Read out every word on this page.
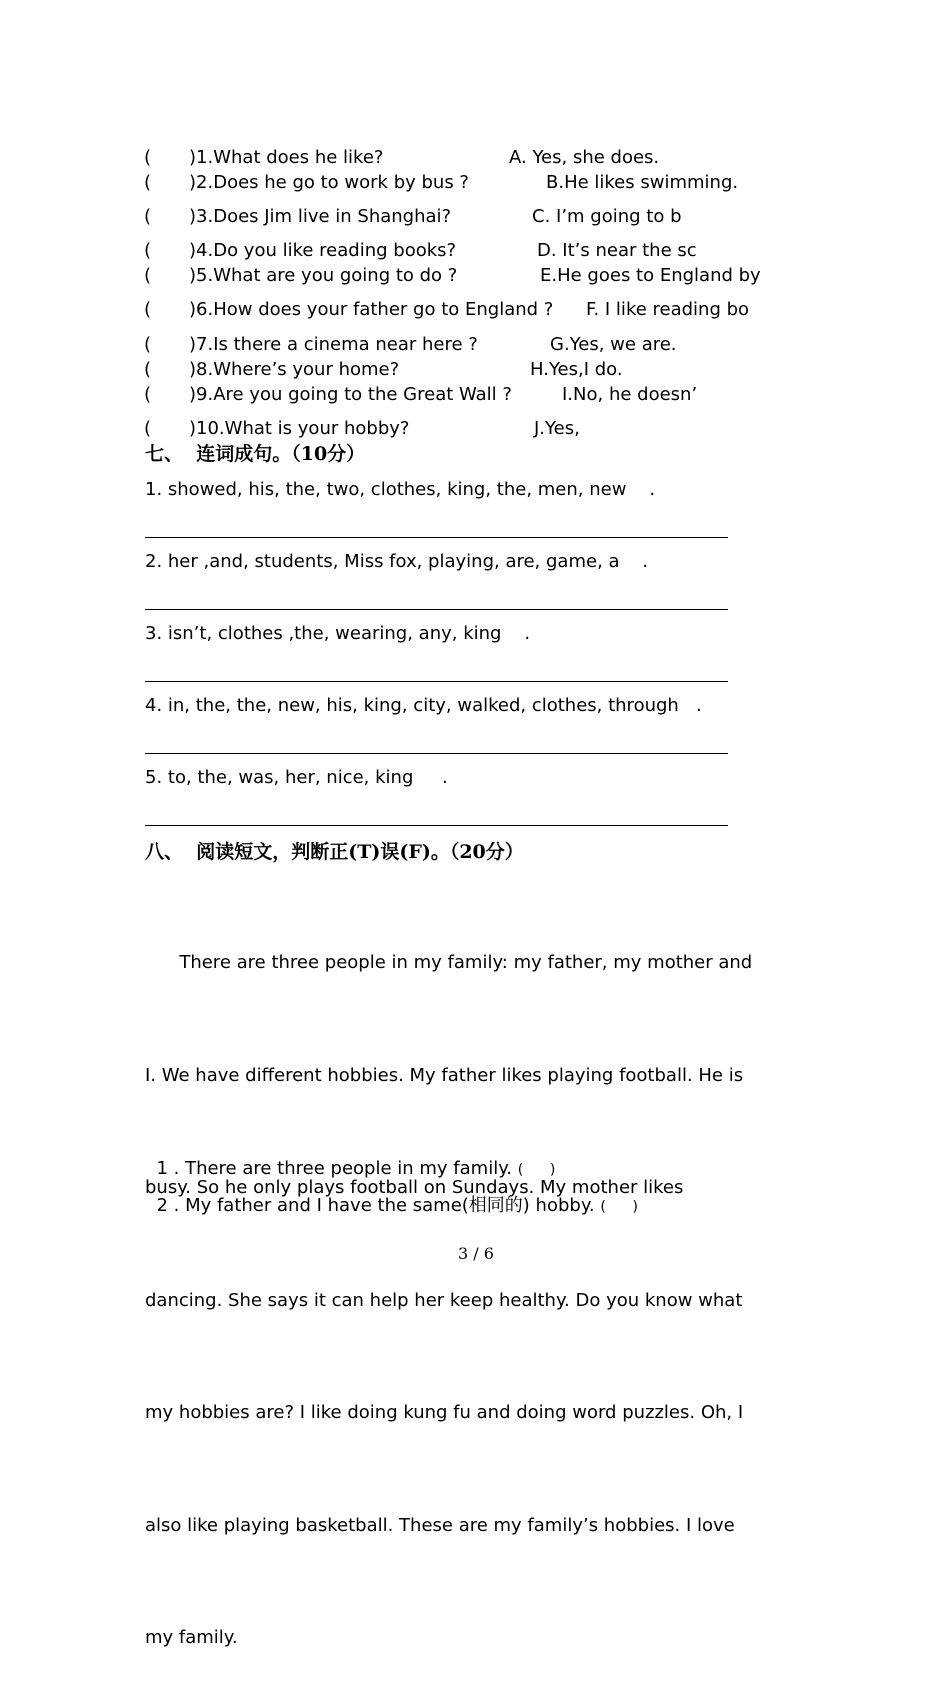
( )1.What does he like?	A. Yes, she does.
( )2.Does he go to work by bus ?	B.He likes swimming.
( )3.Does Jim live in Shanghai?	C. I’m going to b
( )4.Do you like reading books?	D. It’s near the sc
( )5.What are you going to do ?	E.He goes to England by
( )6.How does your father go to England ? F. I like reading bo
( )7.Is there a cinema near here ?	G.Yes, we are.
( )8.Where’s your home?	H.Yes,I do.
( )9.Are you going to the Great Wall ?	I.No, he doesn’
( )10.What is your hobby?	J.Yes,
七、  连词成句。（10分）
1. showed, his, the, two, clothes, king, the, men, new    .
2. her ,and, students, Miss fox, playing, are, game, a    .
3. isn’t, clothes ,the, wearing, any, king    .
4. in, the, the, new, his, king, city, walked, clothes, through   .
5. to, the, was, her, nice, king     .
八、  阅读短文，判断正(T)误(F)。（20分）

There are three people in my family: my father, my mother and

I. We have different hobbies. My father likes playing football. He is

busy. So he only plays football on Sundays. My mother likes

dancing. She says it can help her keep healthy. Do you know what

my hobbies are? I like doing kung fu and doing word puzzles. Oh, I

also like playing basketball. These are my family’s hobbies. I love

my family.

1 . There are three people in my family. (      )

2 . My father and I have the same(相同的) hobby. (      )

3 / 6
